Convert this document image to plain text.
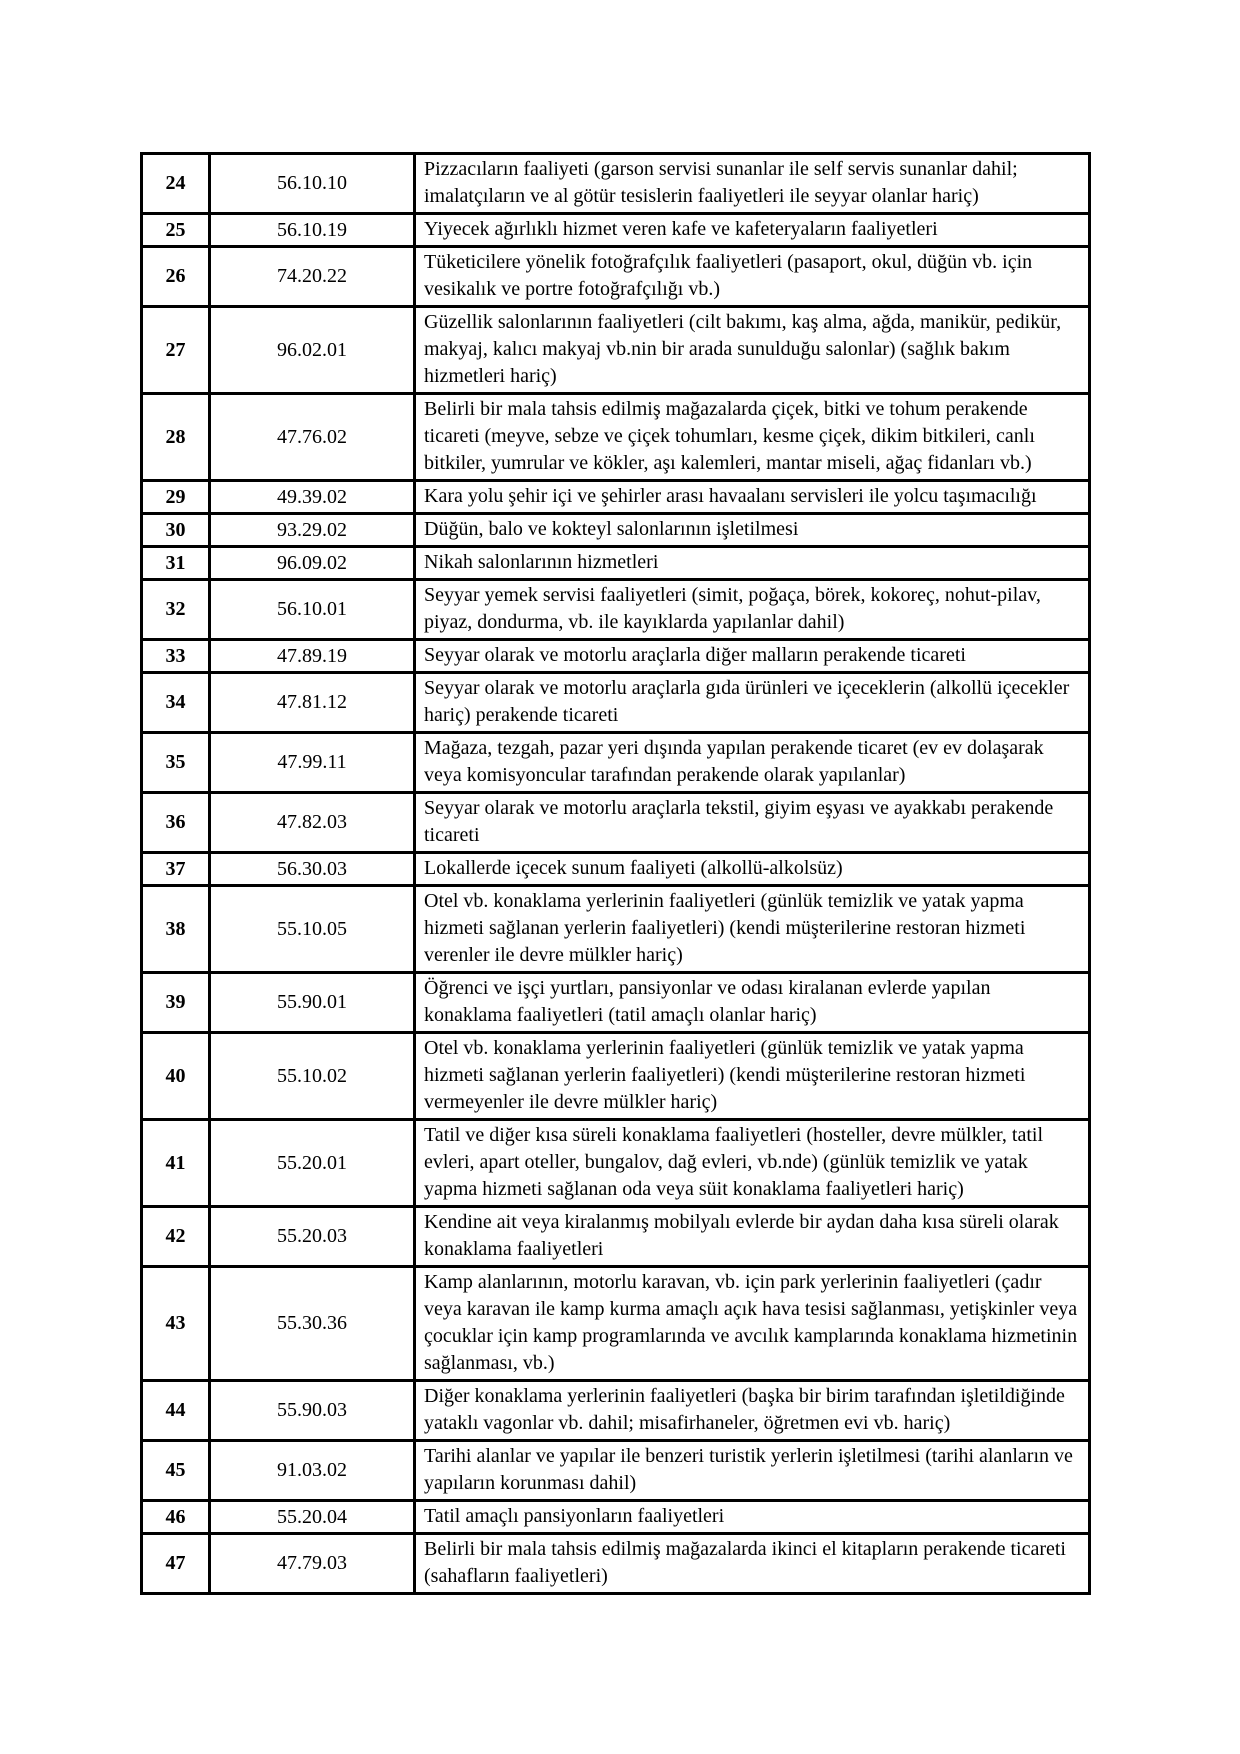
24	56.10.10	Pizzacıların faaliyeti (garson servisi sunanlar ile self servis sunanlar dahil; imalatçıların ve al götür tesislerin faaliyetleri ile seyyar olanlar hariç)
25	56.10.19	Yiyecek ağırlıklı hizmet veren kafe ve kafeteryaların faaliyetleri
26	74.20.22	Tüketicilere yönelik fotoğrafçılık faaliyetleri (pasaport, okul, düğün vb. için vesikalık ve portre fotoğrafçılığı vb.)
27	96.02.01	Güzellik salonlarının faaliyetleri (cilt bakımı, kaş alma, ağda, manikür, pedikür, makyaj, kalıcı makyaj vb.nin bir arada sunulduğu salonlar) (sağlık bakım hizmetleri hariç)
28	47.76.02	Belirli bir mala tahsis edilmiş mağazalarda çiçek, bitki ve tohum perakende ticareti (meyve, sebze ve çiçek tohumları, kesme çiçek, dikim bitkileri, canlı bitkiler, yumrular ve kökler, aşı kalemleri, mantar miseli, ağaç fidanları vb.)
29	49.39.02	Kara yolu şehir içi ve şehirler arası havaalanı servisleri ile yolcu taşımacılığı
30	93.29.02	Düğün, balo ve kokteyl salonlarının işletilmesi
31	96.09.02	Nikah salonlarının hizmetleri
32	56.10.01	Seyyar yemek servisi faaliyetleri (simit, poğaça, börek, kokoreç, nohut-pilav, piyaz, dondurma, vb. ile kayıklarda yapılanlar dahil)
33	47.89.19	Seyyar olarak ve motorlu araçlarla diğer malların perakende ticareti
34	47.81.12	Seyyar olarak ve motorlu araçlarla gıda ürünleri ve içeceklerin (alkollü içecekler hariç) perakende ticareti
35	47.99.11	Mağaza, tezgah, pazar yeri dışında yapılan perakende ticaret (ev ev dolaşarak veya komisyoncular tarafından perakende olarak yapılanlar)
36	47.82.03	Seyyar olarak ve motorlu araçlarla tekstil, giyim eşyası ve ayakkabı perakende ticareti
37	56.30.03	Lokallerde içecek sunum faaliyeti (alkollü-alkolsüz)
38	55.10.05	Otel vb. konaklama yerlerinin faaliyetleri (günlük temizlik ve yatak yapma hizmeti sağlanan yerlerin faaliyetleri) (kendi müşterilerine restoran hizmeti verenler ile devre mülkler hariç)
39	55.90.01	Öğrenci ve işçi yurtları, pansiyonlar ve odası kiralanan evlerde yapılan konaklama faaliyetleri (tatil amaçlı olanlar hariç)
40	55.10.02	Otel vb. konaklama yerlerinin faaliyetleri (günlük temizlik ve yatak yapma hizmeti sağlanan yerlerin faaliyetleri) (kendi müşterilerine restoran hizmeti vermeyenler ile devre mülkler hariç)
41	55.20.01	Tatil ve diğer kısa süreli konaklama faaliyetleri (hosteller, devre mülkler, tatil evleri, apart oteller, bungalov, dağ evleri, vb.nde) (günlük temizlik ve yatak yapma hizmeti sağlanan oda veya süit konaklama faaliyetleri hariç)
42	55.20.03	Kendine ait veya kiralanmış mobilyalı evlerde bir aydan daha kısa süreli olarak konaklama faaliyetleri
43	55.30.36	Kamp alanlarının, motorlu karavan, vb. için park yerlerinin faaliyetleri (çadır veya karavan ile kamp kurma amaçlı açık hava tesisi sağlanması, yetişkinler veya çocuklar için kamp programlarında ve avcılık kamplarında konaklama hizmetinin sağlanması, vb.)
44	55.90.03	Diğer konaklama yerlerinin faaliyetleri (başka bir birim tarafından işletildiğinde yataklı vagonlar vb. dahil; misafirhaneler, öğretmen evi vb. hariç)
45	91.03.02	Tarihi alanlar ve yapılar ile benzeri turistik yerlerin işletilmesi (tarihi alanların ve yapıların korunması dahil)
46	55.20.04	Tatil amaçlı pansiyonların faaliyetleri
47	47.79.03	Belirli bir mala tahsis edilmiş mağazalarda ikinci el kitapların perakende ticareti (sahafların faaliyetleri)
